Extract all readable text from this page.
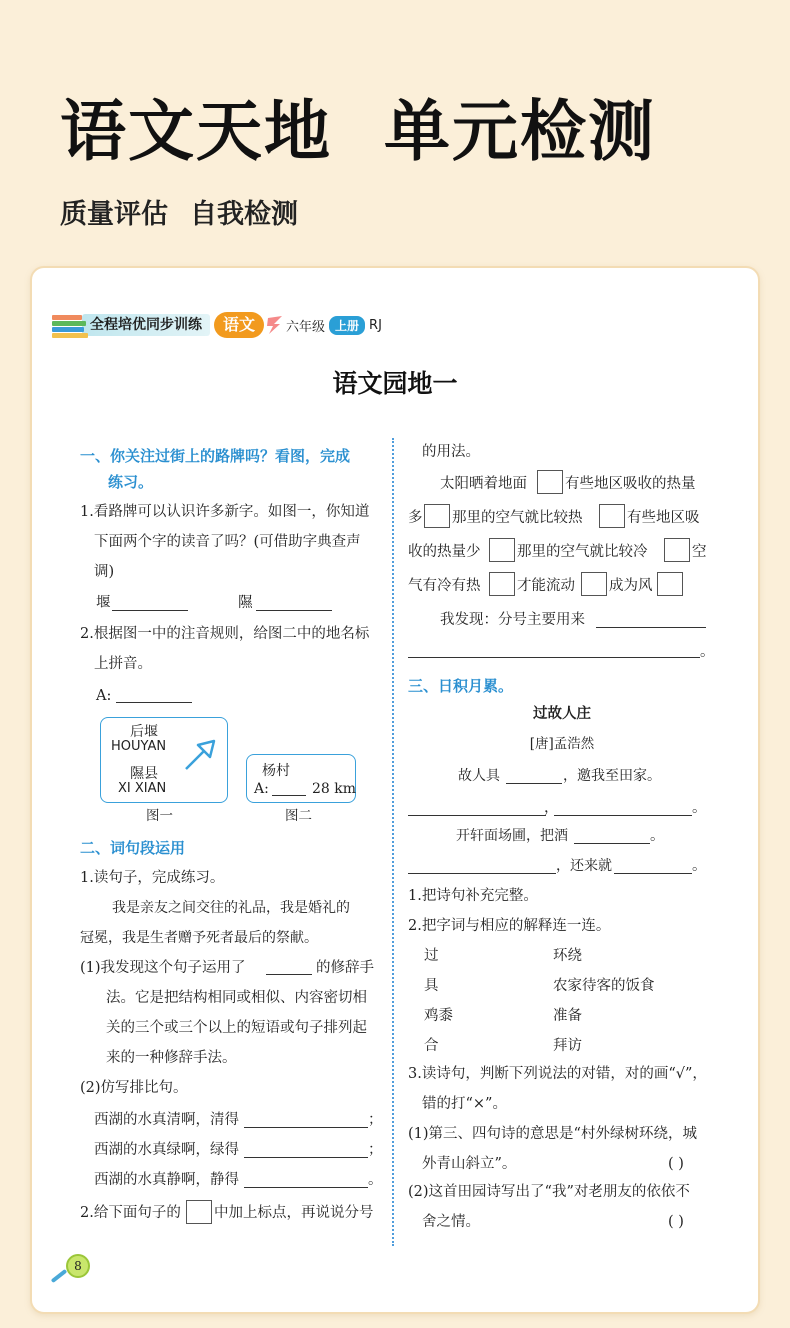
语文天地 单元检测
质量评估 自我检测
全程培优同步训练	语文	六年级 上册 RJ
语文园地一
一、你关注过街上的路牌吗？看图，完成
练习。
1.看路牌可以认识许多新字。如图一，你知道
下面两个字的读音了吗？(可借助字典查声
调)
堰	隰
2.根据图一中的注音规则，给图二中的地名标
上拼音。
A:
后堰
HOUYAN
隰县
XI XIAN
杨村
A:	28 km
图一	图二
二、词句段运用
1.读句子，完成练习。
我是亲友之间交往的礼品，我是婚礼的
冠冕，我是生者赠予死者最后的祭献。
(1)我发现这个句子运用了	的修辞手
法。它是把结构相同或相似、内容密切相
关的三个或三个以上的短语或句子排列起
来的一种修辞手法。
(2)仿写排比句。
西湖的水真清啊，清得	；
西湖的水真绿啊，绿得	；
西湖的水真静啊，静得	。
2.给下面句子的 中加上标点，再说说分号
的用法。
太阳晒着地面	有些地区吸收的热量
多 那里的空气就比较热	有些地区吸
收的热量少	那里的空气就比较冷	空
气有冷有热	才能流动 成为风
我发现：分号主要用来
。
三、日积月累。
过故人庄
[唐]孟浩然
故人具	，邀我至田家。
，	。
开轩面场圃，把酒	。
，还来就	。
1.把诗句补充完整。
2.把字词与相应的解释连一连。
过	环绕
具	农家待客的饭食
鸡黍	准备
合	拜访
3.读诗句，判断下列说法的对错，对的画“√”，
错的打“×”。
(1)第三、四句诗的意思是“村外绿树环绕，城
外青山斜立”。	( )
(2)这首田园诗写出了“我”对老朋友的依依不
舍之情。	( )
8
